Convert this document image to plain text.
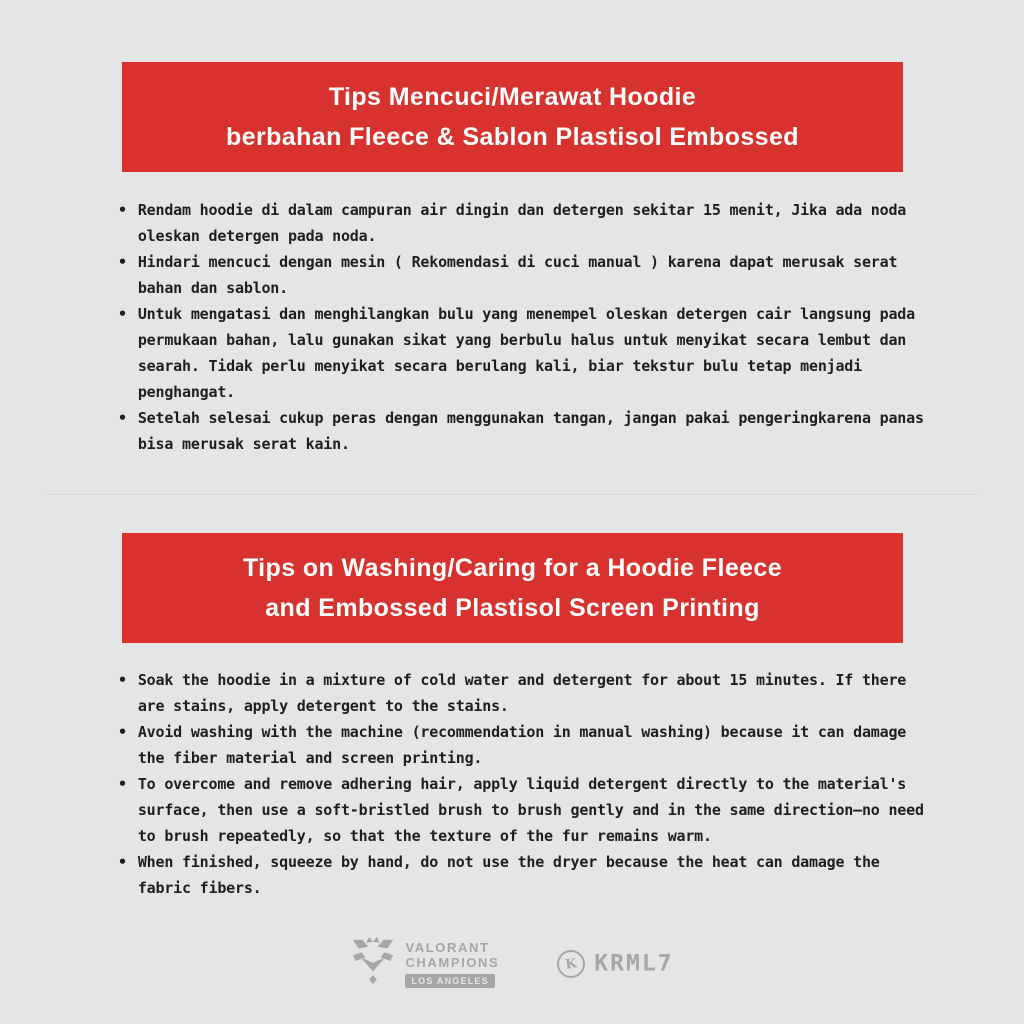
Tips Mencuci/Merawat Hoodie
berbahan Fleece & Sablon Plastisol Embossed
• Rendam hoodie di dalam campuran air dingin dan detergen sekitar 15 menit, Jika ada noda oleskan detergen pada noda.
• Hindari mencuci dengan mesin ( Rekomendasi di cuci manual ) karena dapat merusak serat bahan dan sablon.
• Untuk mengatasi dan menghilangkan bulu yang menempel oleskan detergen cair langsung pada permukaan bahan, lalu gunakan sikat yang berbulu halus untuk menyikat secara lembut dan searah. Tidak perlu menyikat secara berulang kali, biar tekstur bulu tetap menjadi penghangat.
• Setelah selesai cukup peras dengan menggunakan tangan, jangan pakai pengeringkarena panas bisa merusak serat kain.
Tips on Washing/Caring for a Hoodie Fleece
and Embossed Plastisol Screen Printing
• Soak the hoodie in a mixture of cold water and detergent for about 15 minutes. If there are stains, apply detergent to the stains.
• Avoid washing with the machine (recommendation in manual washing) because it can damage the fiber material and screen printing.
• To overcome and remove adhering hair, apply liquid detergent directly to the material's surface, then use a soft-bristled brush to brush gently and in the same direction—no need to brush repeatedly, so that the texture of the fur remains warm.
• When finished, squeeze by hand, do not use the dryer because the heat can damage the fabric fibers.
VALORANT
CHAMPIONS
LOS ANGELES
K KRML7
